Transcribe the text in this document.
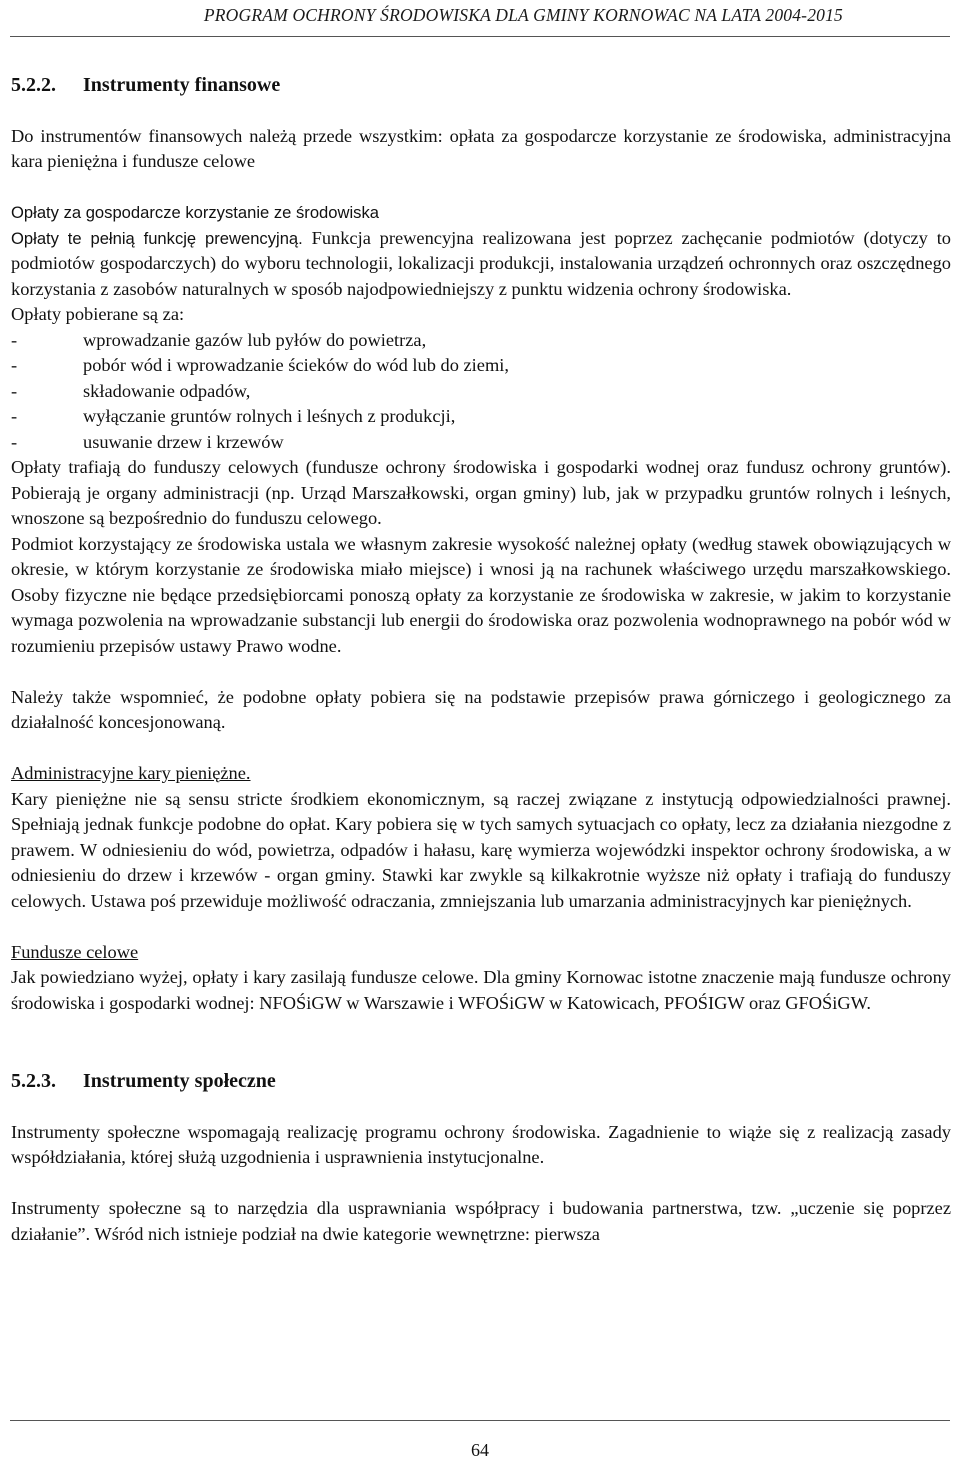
PROGRAM OCHRONY ŚRODOWISKA DLA GMINY KORNOWAC NA LATA 2004-2015
5.2.2.	Instrumenty finansowe

Do instrumentów finansowych należą przede wszystkim: opłata za gospodarcze korzystanie ze środowiska, administracyjna kara pieniężna i fundusze celowe

Opłaty za gospodarcze korzystanie ze środowiska

Opłaty te pełnią funkcję prewencyjną. Funkcja prewencyjna realizowana jest poprzez zachęcanie podmiotów (dotyczy to podmiotów gospodarczych) do wyboru technologii, lokalizacji produkcji, instalowania urządzeń ochronnych oraz oszczędnego korzystania z zasobów naturalnych w sposób najodpowiedniejszy z punktu widzenia ochrony środowiska.

Opłaty pobierane są za:

-	wprowadzanie gazów lub pyłów do powietrza,
-	pobór wód i wprowadzanie ścieków do wód lub do ziemi,
-	składowanie odpadów,
-	wyłączanie gruntów rolnych i leśnych z produkcji,
-	usuwanie drzew i krzewów

Opłaty trafiają do funduszy celowych (fundusze ochrony środowiska i gospodarki wodnej oraz fundusz ochrony gruntów). Pobierają je organy administracji (np. Urząd Marszałkowski, organ gminy) lub, jak w przypadku gruntów rolnych i leśnych, wnoszone są bezpośrednio do funduszu celowego.

Podmiot korzystający ze środowiska ustala we własnym zakresie wysokość należnej opłaty (według stawek obowiązujących w okresie, w którym korzystanie ze środowiska miało miejsce) i wnosi ją na rachunek właściwego urzędu marszałkowskiego. Osoby fizyczne nie będące przedsiębiorcami ponoszą opłaty za korzystanie ze środowiska w zakresie, w jakim to korzystanie wymaga pozwolenia na wprowadzanie substancji lub energii do środowiska oraz pozwolenia wodnoprawnego na pobór wód w rozumieniu przepisów ustawy Prawo wodne.

Należy także wspomnieć, że podobne opłaty pobiera się na podstawie przepisów prawa górniczego i geologicznego za działalność koncesjonowaną.

Administracyjne kary pieniężne.

Kary pieniężne nie są sensu stricte środkiem ekonomicznym, są raczej związane z instytucją odpowiedzialności prawnej. Spełniają jednak funkcje podobne do opłat. Kary pobiera się w tych samych sytuacjach co opłaty, lecz za działania niezgodne z prawem. W odniesieniu do wód, powietrza, odpadów i hałasu, karę wymierza wojewódzki inspektor ochrony środowiska, a w odniesieniu do drzew i krzewów - organ gminy. Stawki kar zwykle są kilkakrotnie wyższe niż opłaty i trafiają do funduszy celowych. Ustawa poś przewiduje możliwość odraczania, zmniejszania lub umarzania administracyjnych kar pieniężnych.

Fundusze celowe

Jak powiedziano wyżej, opłaty i kary zasilają fundusze celowe. Dla gminy Kornowac istotne znaczenie mają fundusze ochrony środowiska i gospodarki wodnej: NFOŚiGW w Warszawie i WFOŚiGW w Katowicach, PFOŚIGW oraz GFOŚiGW.

5.2.3.	Instrumenty społeczne

Instrumenty społeczne wspomagają realizację programu ochrony środowiska. Zagadnienie to wiąże się z realizacją zasady współdziałania, której służą uzgodnienia i usprawnienia instytucjonalne.

Instrumenty społeczne są to narzędzia dla usprawniania współpracy i budowania partnerstwa, tzw. „uczenie się poprzez działanie”. Wśród nich istnieje podział na dwie kategorie wewnętrzne: pierwsza

64
